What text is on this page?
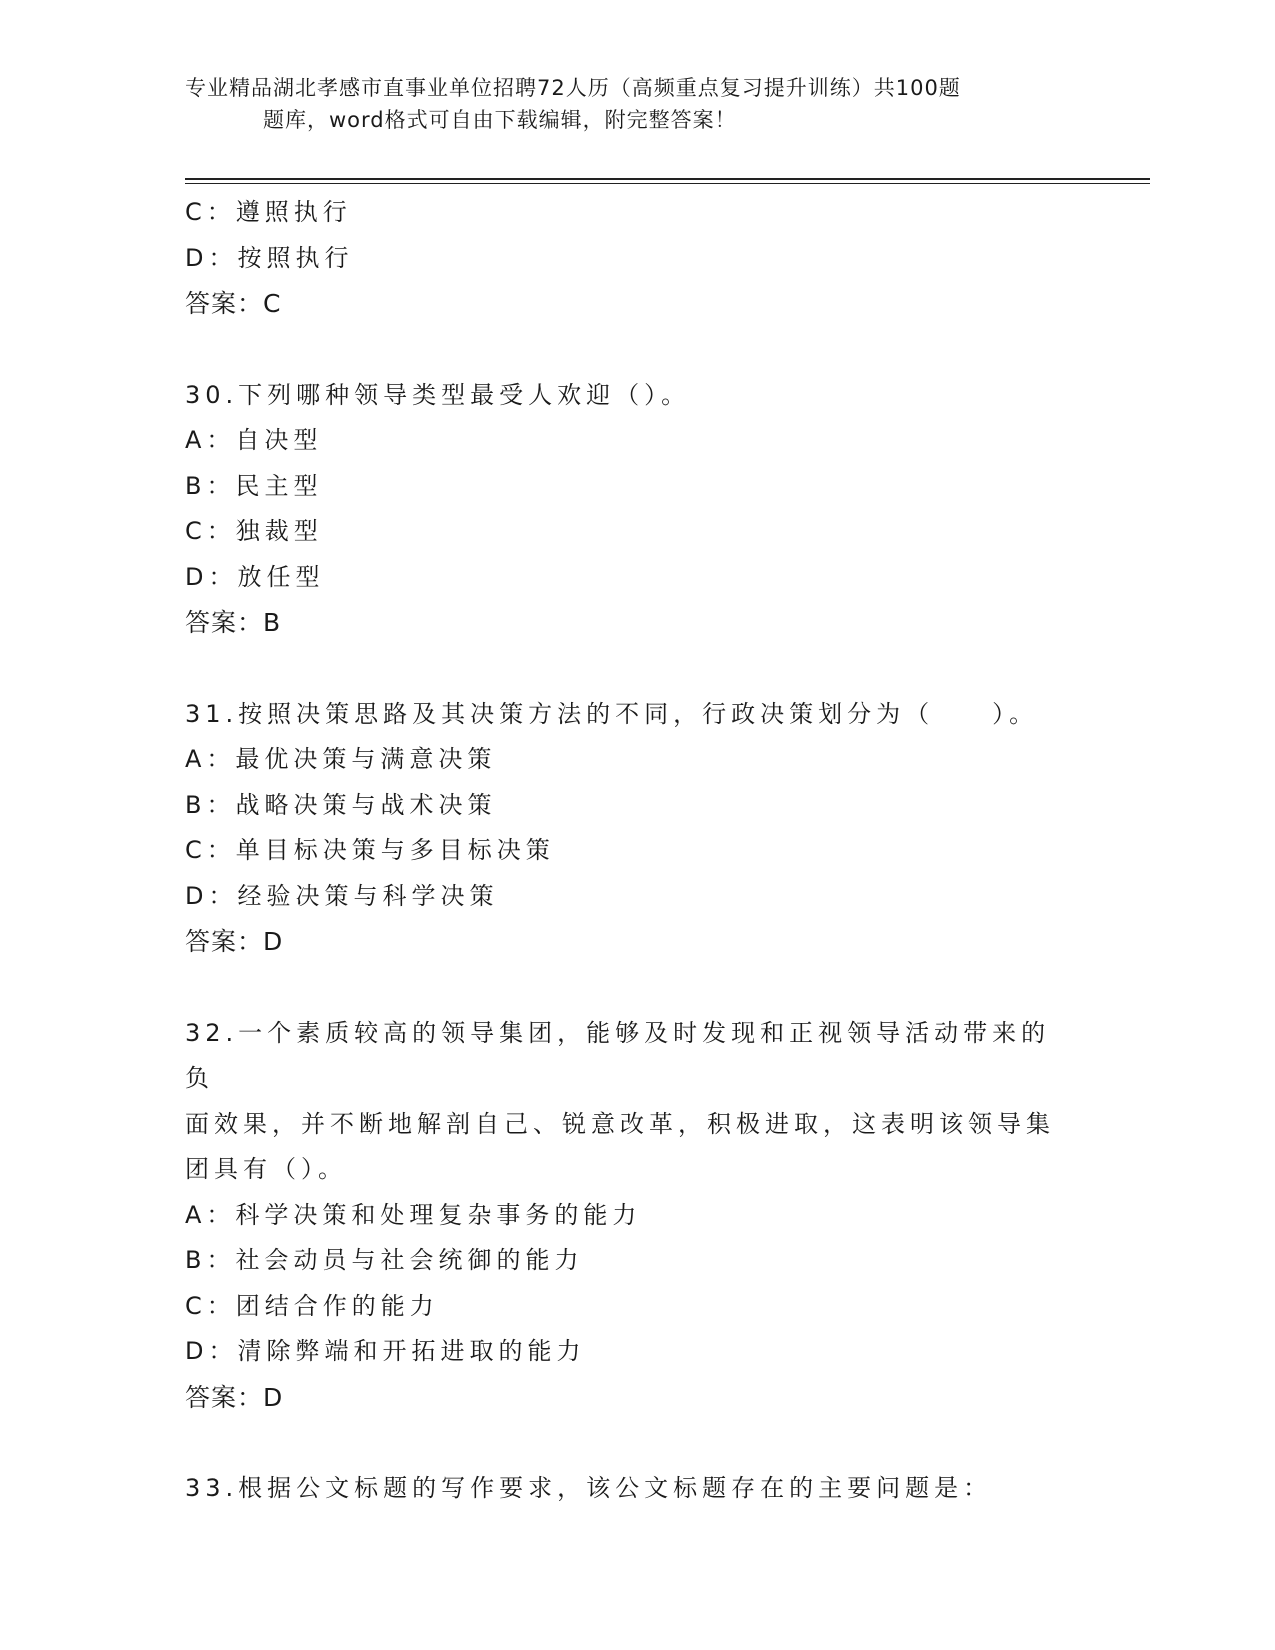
专业精品湖北孝感市直事业单位招聘72人历（高频重点复习提升训练）共100题
题库，word格式可自由下载编辑，附完整答案！
C：遵照执行
D：按照执行
答案：C
30.下列哪种领导类型最受人欢迎（）。
A：自决型
B：民主型
C：独裁型
D：放任型
答案：B
31.按照决策思路及其决策方法的不同，行政决策划分为（　　）。
A：最优决策与满意决策
B：战略决策与战术决策
C：单目标决策与多目标决策
D：经验决策与科学决策
答案：D
32.一个素质较高的领导集团，能够及时发现和正视领导活动带来的负
面效果，并不断地解剖自己、锐意改革，积极进取，这表明该领导集
团具有（）。
A：科学决策和处理复杂事务的能力
B：社会动员与社会统御的能力
C：团结合作的能力
D：清除弊端和开拓进取的能力
答案：D
33.根据公文标题的写作要求，该公文标题存在的主要问题是：
